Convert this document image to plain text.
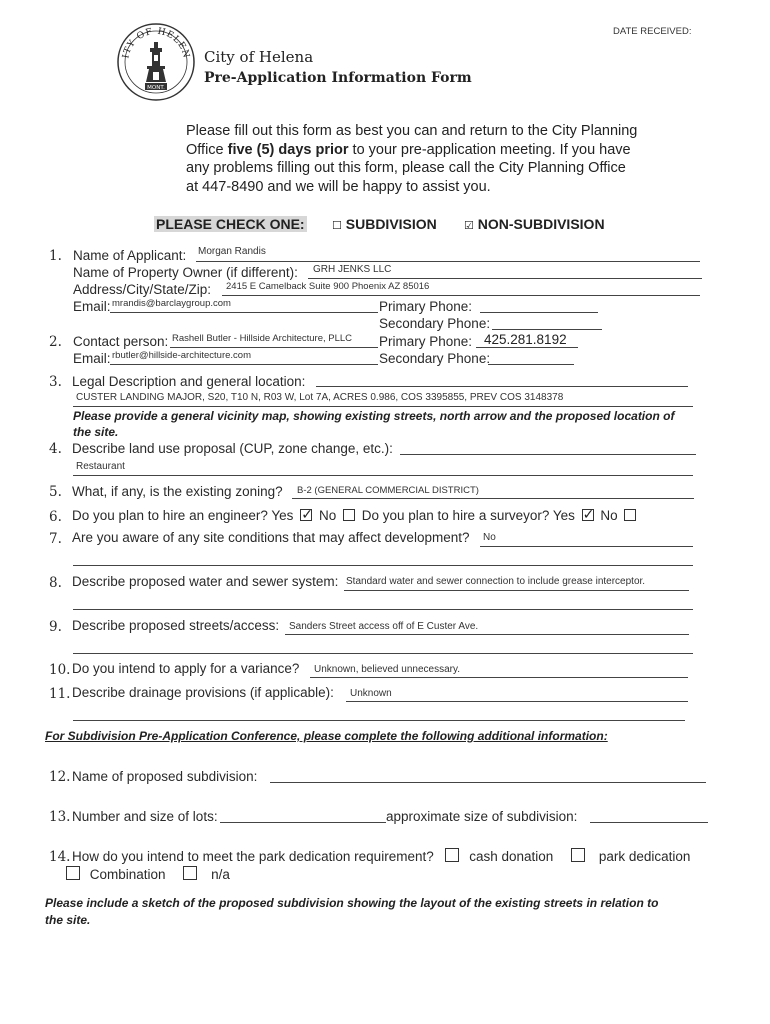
DATE RECEIVED:
ITY OF HELEN
MONT.
City of Helena
Pre-Application Information Form
Please fill out this form as best you can and return to the City Planning
Office five (5) days prior to your pre-application meeting. If you have
any problems filling out this form, please call the City Planning Office
at 447-8490 and we will be happy to assist you.
PLEASE CHECK ONE: ☐ SUBDIVISION ☑ NON-SUBDIVISION
1. Name of Applicant: Morgan Randis
Name of Property Owner (if different): GRH JENKS LLC
Address/City/State/Zip: 2415 E Camelback Suite 900 Phoenix AZ 85016
Email: mrandis@barclaygroup.com	Primary Phone:
Secondary Phone:
2. Contact person: Rashell Butler - Hillside Architecture, PLLC Primary Phone: 425.281.8192
Email: rbutler@hillside-architecture.com	Secondary Phone:
3. Legal Description and general location:
CUSTER LANDING MAJOR, S20, T10 N, R03 W, Lot 7A, ACRES 0.986, COS 3395855, PREV COS 3148378
Please provide a general vicinity map, showing existing streets, north arrow and the proposed location of
the site.
4. Describe land use proposal (CUP, zone change, etc.):
Restaurant
5. What, if any, is the existing zoning? B-2 (GENERAL COMMERCIAL DISTRICT)
6. Do you plan to hire an engineer? Yes ✓ No Do you plan to hire a surveyor? Yes ✓ No
7. Are you aware of any site conditions that may affect development? No
8. Describe proposed water and sewer system: Standard water and sewer connection to include grease interceptor.
9. Describe proposed streets/access: Sanders Street access off of E Custer Ave.
10. Do you intend to apply for a variance? Unknown, believed unnecessary.
11. Describe drainage provisions (if applicable): Unknown
For Subdivision Pre-Application Conference, please complete the following additional information:
12. Name of proposed subdivision:
13. Number and size of lots:	approximate size of subdivision:
14. How do you intend to meet the park dedication requirement?	cash donation	park dedication
Combination	n/a
Please include a sketch of the proposed subdivision showing the layout of the existing streets in relation to
the site.
